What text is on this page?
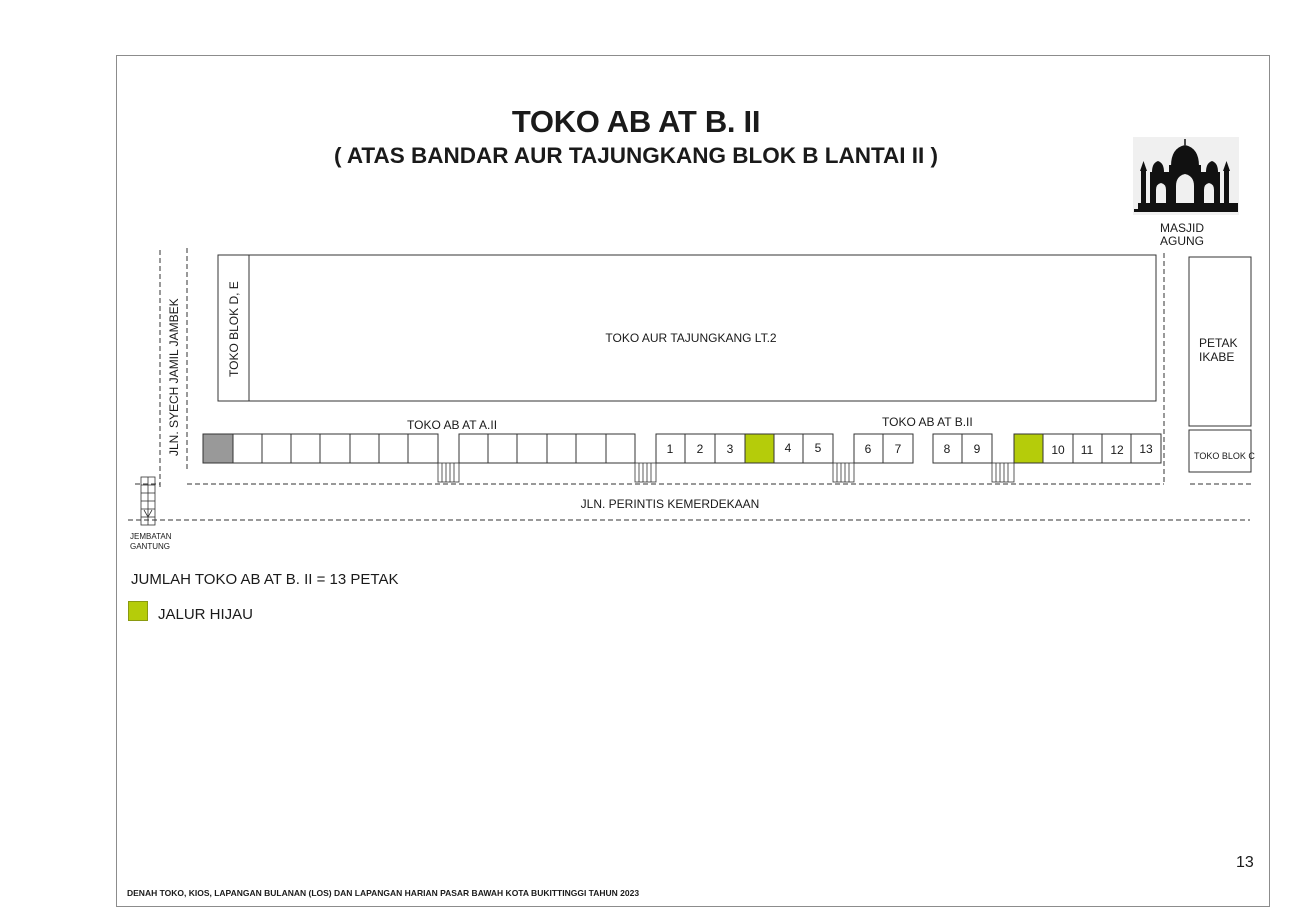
TOKO AB AT B. II
( ATAS BANDAR AUR TAJUNGKANG BLOK B LANTAI II )
MASJID
AGUNG
JLN. SYECH JAMIL JAMBEK	TOKO BLOK D, E	TOKO AUR TAJUNGKANG LT.2	PETAK
IKABE
TOKO BLOK C
TOKO AB AT A.II	TOKO AB AT B.II
1 2 3	4 5	6 7	8 9	10 11 12 13
JEMBATAN
GANTUNG
JLN. PERINTIS KEMERDEKAAN
JUMLAH TOKO AB AT B. II = 13 PETAK
JALUR HIJAU
13
DENAH TOKO, KIOS, LAPANGAN BULANAN (LOS) DAN LAPANGAN HARIAN PASAR BAWAH KOTA BUKITTINGGI TAHUN 2023
